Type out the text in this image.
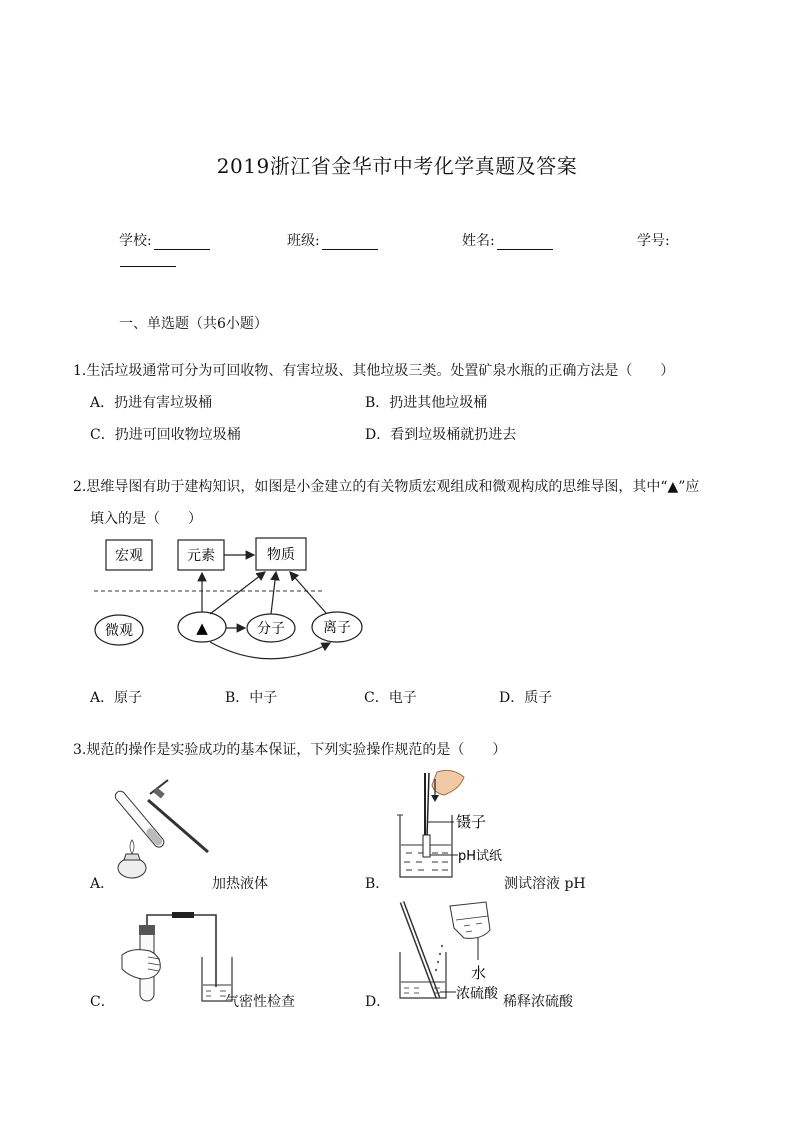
2019浙江省金华市中考化学真题及答案
学校:	班级:	姓名:	学号:
一、单选题（共6小题）
1.生活垃圾通常可分为可回收物、有害垃圾、其他垃圾三类。处置矿泉水瓶的正确方法是（　　）
A．扔进有害垃圾桶	B．扔进其他垃圾桶
C．扔进可回收物垃圾桶	D．看到垃圾桶就扔进去
2.思维导图有助于建构知识，如图是小金建立的有关物质宏观组成和微观构成的思维导图，其中“▲”应
填入的是（　　）
宏观	元素	物质
微观	▲	分子	离子
A．原子	B．中子	C．电子	D．质子
3.规范的操作是实验成功的基本保证，下列实验操作规范的是（　　）
A．	加热液体
镊子
pH试纸
B．	测试溶液 pH
C．	气密性检查
水
浓硫酸
D．	稀释浓硫酸
